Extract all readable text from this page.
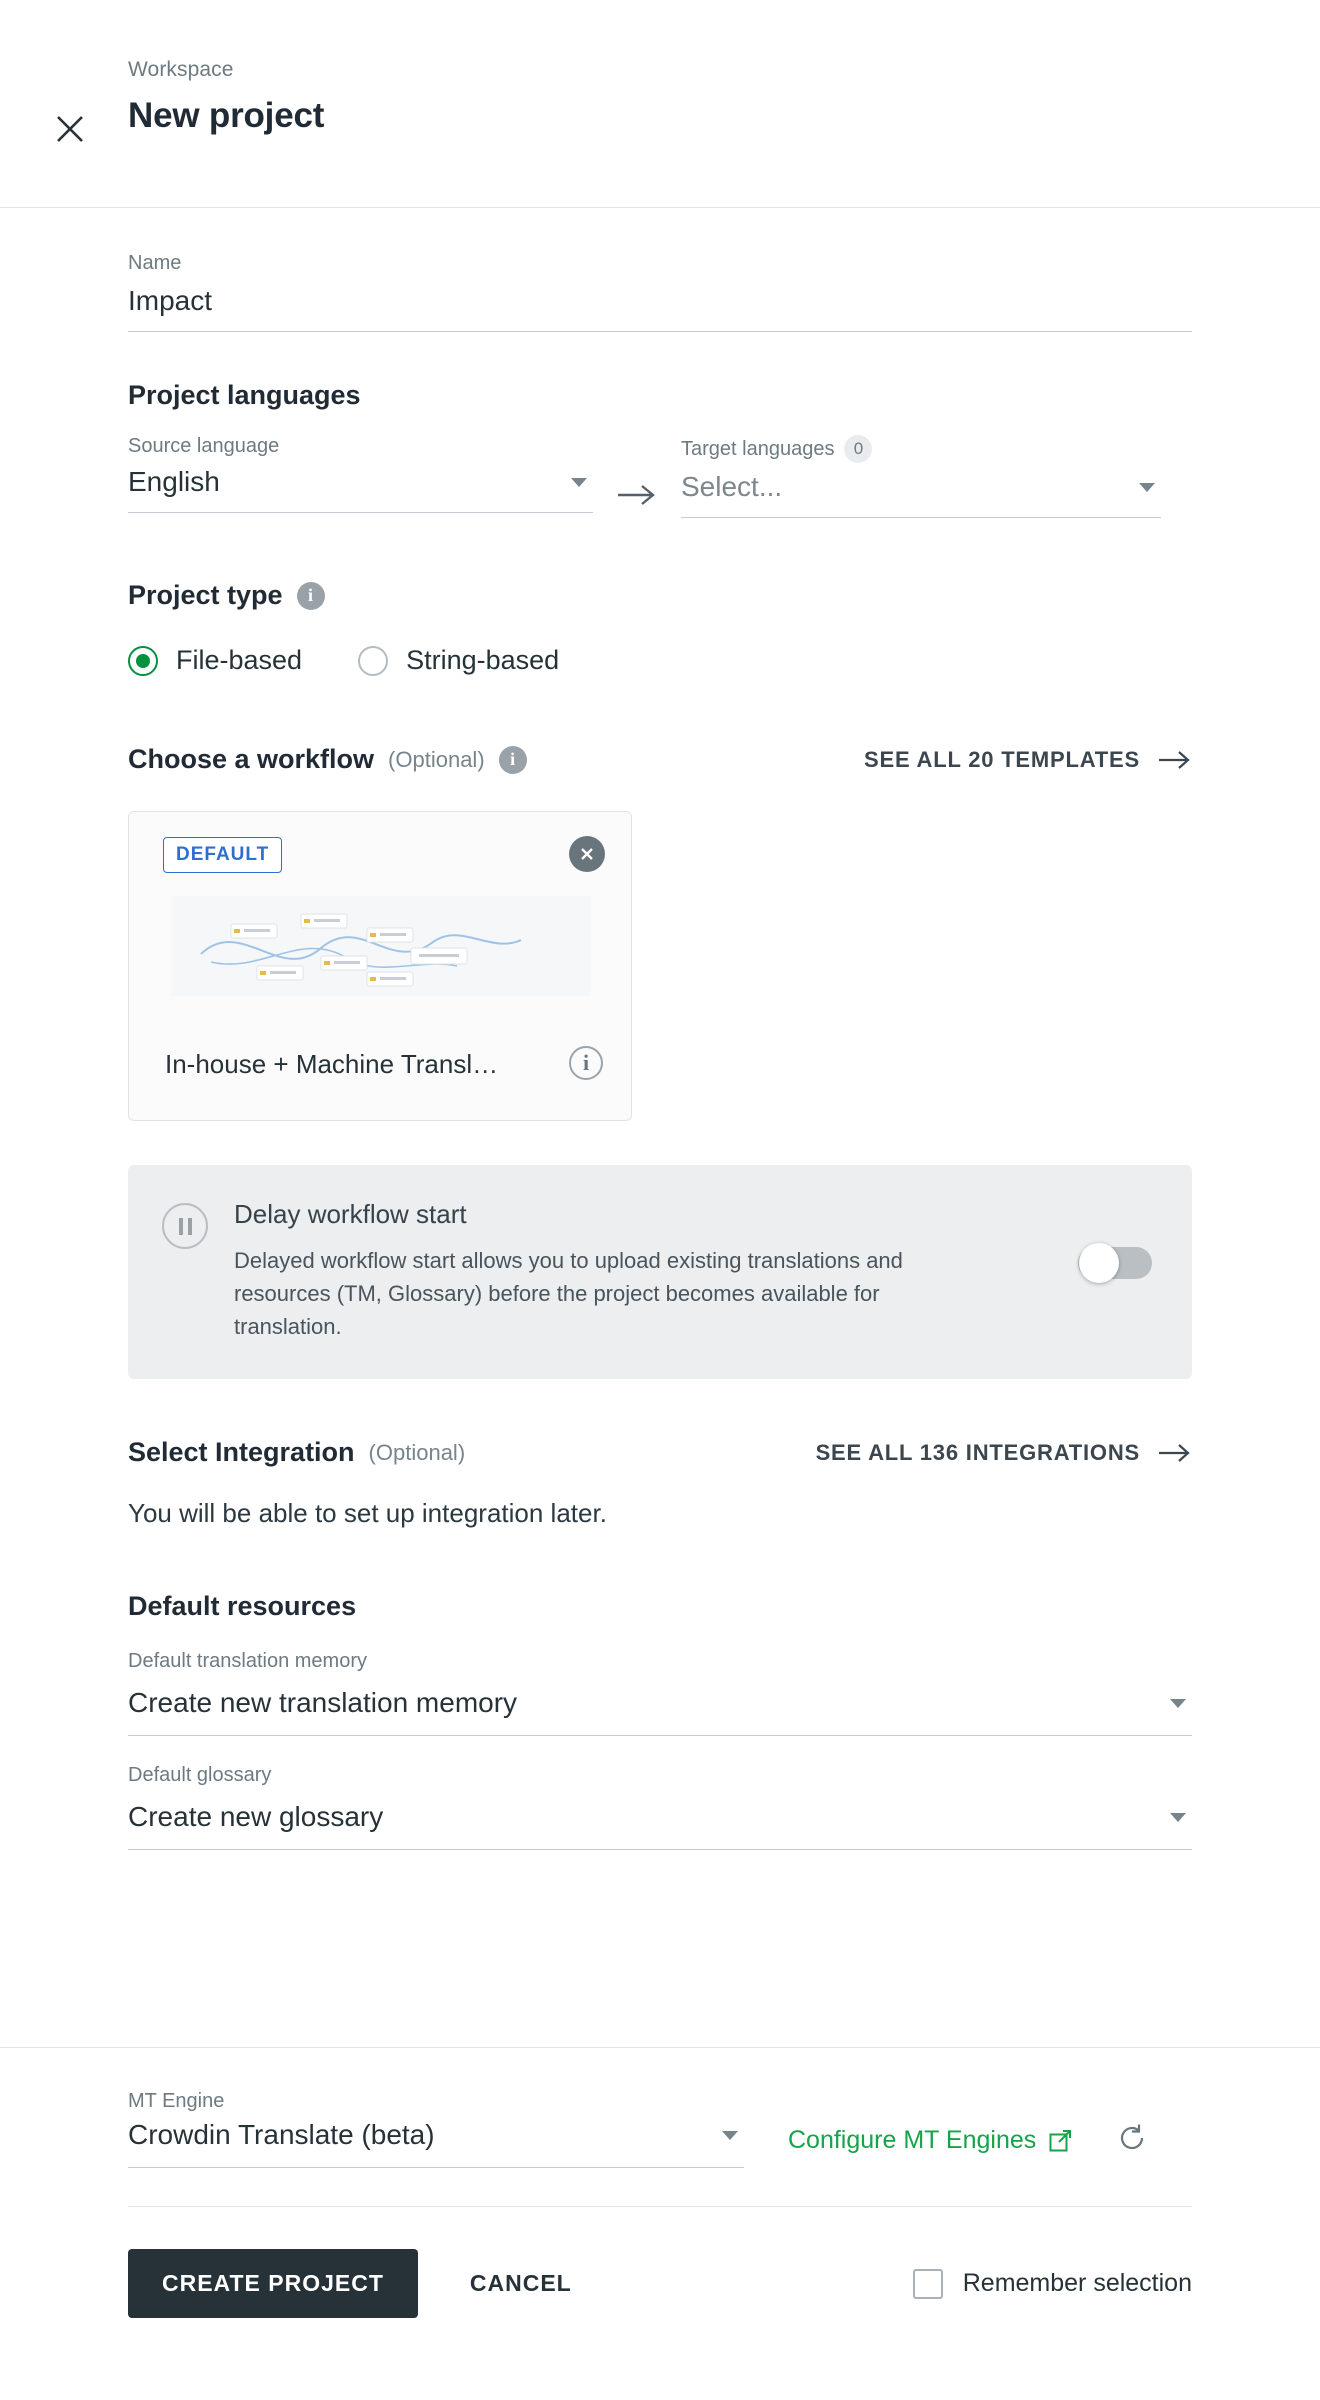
Workspace
New project
Name
Impact
Project languages
Source language
English
Target languages	0
Select...
Project type	i
File-based	String-based
Choose a workflow (Optional)	i	SEE ALL 20 TEMPLATES
DEFAULT
In-house + Machine Transl…	i
Delay workflow start
Delayed workflow start allows you to upload existing translations and resources (TM, Glossary) before the project becomes available for translation.
Select Integration (Optional)	SEE ALL 136 INTEGRATIONS
You will be able to set up integration later.
Default resources
Default translation memory
Create new translation memory
Default glossary
Create new glossary
MT Engine
Crowdin Translate (beta)	Configure MT Engines
CREATE PROJECT	CANCEL	Remember selection
